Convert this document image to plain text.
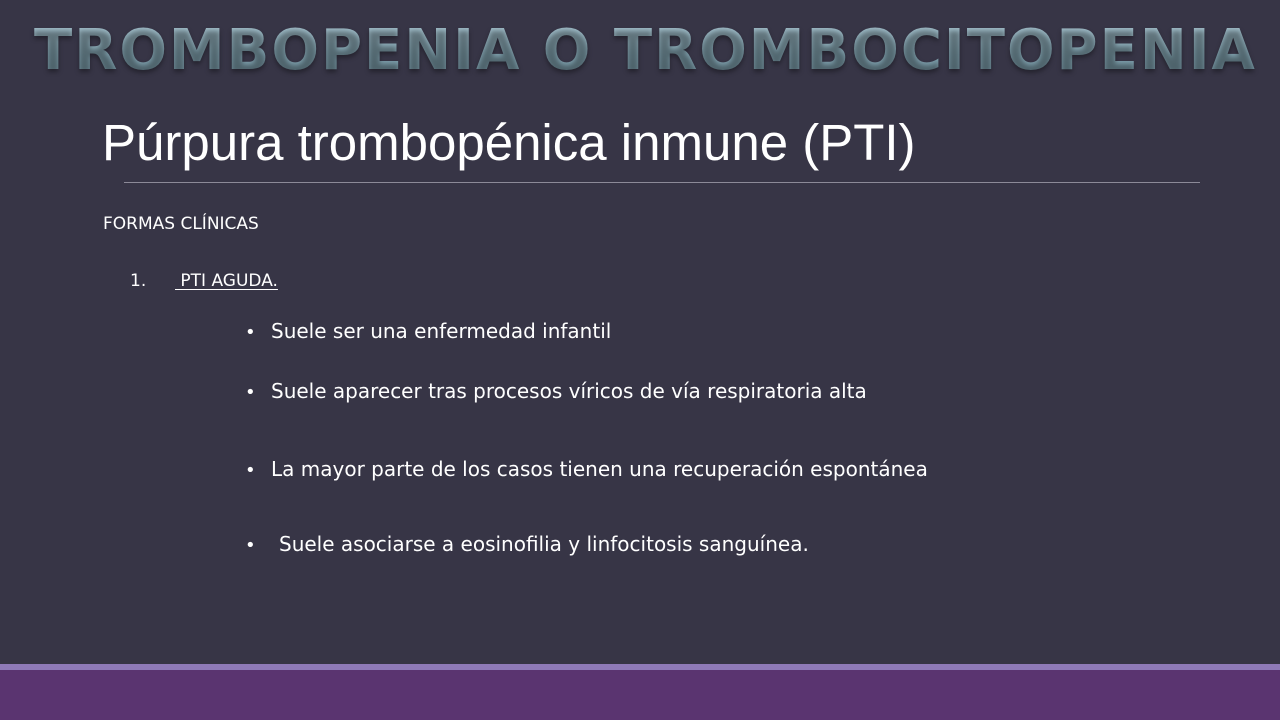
TROMBOPENIA O TROMBOCITOPENIA
Púrpura trombopénica inmune (PTI)
FORMAS CLÍNICAS
1. PTI AGUDA.
• Suele ser una enfermedad infantil
• Suele aparecer tras procesos víricos de vía respiratoria alta
• La mayor parte de los casos tienen una recuperación espontánea
• Suele asociarse a eosinofilia y linfocitosis sanguínea.
